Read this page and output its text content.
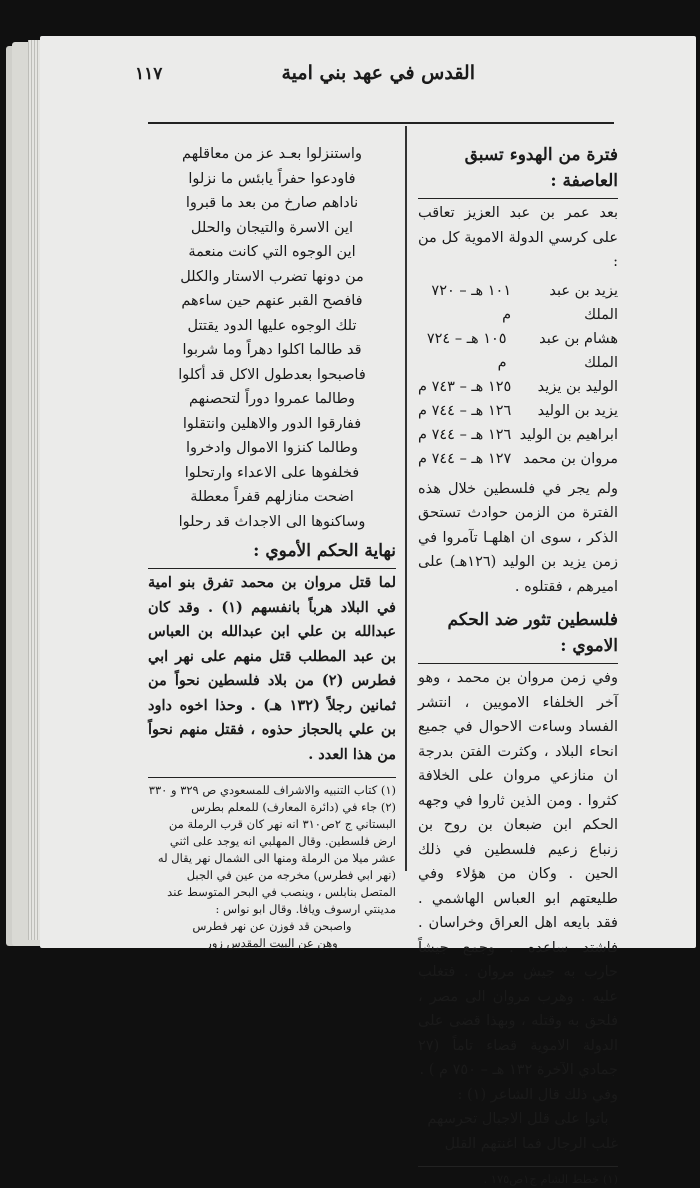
القدس في عهد بني امية
١١٧
فترة من الهدوء تسبق العاصفة :

بعد عمر بن عبد العزيز تعاقب على كرسي الدولة الاموية كل من :

يزيد بن عبد الملك
١٠١ هـ – ٧٢٠ م
هشام بن عبد الملك
١٠٥ هـ – ٧٢٤ م
الوليد بن يزيد
١٢٥ هـ – ٧٤٣ م
يزيد بن الوليد
١٢٦ هـ – ٧٤٤ م
ابراهيم بن الوليد
١٢٦ هـ – ٧٤٤ م
مروان بن محمد
١٢٧ هـ – ٧٤٤ م

ولم يجر في فلسطين خلال هذه الفترة من الزمن حوادث تستحق الذكر ، سوى ان اهلهـا تآمروا في زمن يزيد بن الوليد (١٢٦هـ) على اميرهم ، فقتلوه .

فلسطين تثور ضد الحكم الاموي :

وفي زمن مروان بن محمد ، وهو آخر الخلفاء الامويين ، انتشر الفساد وساءت الاحوال في جميع انحاء البلاد ، وكثرت الفتن بدرجة ان منازعي مروان على الخلافة كثروا . ومن الذين ثاروا في وجهه الحكم ابن ضبعان بن روح بن زنباع زعيم فلسطين في ذلك الحين . وكان من هؤلاء وفي طليعتهم ابو العباس الهاشمي . فقد بايعه اهل العراق وخراسان . فاشتد ساعده . وجمع جيشاً حارب به جيش مروان . فتغلب عليه . وهرب مروان الى مصر ، فلحق به وقتله ، وبهذا قضى على الدولة الاموية قضاء تاماً (٢٧ جمادي الآخرة ١٣٢ هـ – ٧٥٠ م ) .

وفي ذلك قال الشاعر (١) :

باتوا على قلل الاجبال تحرسهم

غلب الرجال فما اغنتهم القلل

(١) خطط الشام ج١ص١٧٥ .

واستنزلوا بعـد عز من معاقلهم

فاودعوا حفراً يابئس ما نزلوا

ناداهم صارخ من بعد ما قبروا

اين الاسرة والتيجان والحلل

اين الوجوه التي كانت منعمة

من دونها تضرب الاستار والكلل

فافصح القبر عنهم حين ساءهم

تلك الوجوه عليها الدود يقتتل

قد طالما اكلوا دهراً وما شربوا

فاصبحوا بعدطول الاكل قد أكلوا

وطالما عمروا دوراً لتحصنهم

ففارقوا الدور والاهلين وانتقلوا

وطالما كنزوا الاموال وادخروا

فخلفوها على الاعداء وارتحلوا

اضحت منازلهم قفراً معطلة

وساكنوها الى الاجداث قد رحلوا

نهاية الحكم الأموي :

لما قتل مروان بن محمد تفرق بنو امية في البلاد هرباً بانفسهم (١) . وقد كان عبدالله بن علي ابن عبدالله بن العباس بن عبد المطلب قتل منهم على نهر ابي فطرس (٢) من بلاد فلسطين نحواً من ثمانين رجلاً (١٣٢ هـ) . وحذا اخوه داود بن علي بالحجاز حذوه ، فقتل منهم نحواً من هذا العدد .

(١) كتاب التنبيه والاشراف للمسعودي ص ٣٢٩ و ٣٣٠

(٢) جاء في (دائرة المعارف) للمعلم بطرس البستاني ج ٢ص٣١٠ انه نهر كان قرب الرملة من ارض فلسطين. وقال المهلبي انه يوجد على اثني عشر ميلا من الرملة ومنها الى الشمال نهر يقال له (نهر ابي فطرس) مخرجه من عين في الجبل المتصل بنابلس ، وينصب في البحر المتوسط عند مدينتي ارسوف ويافا. وقال ابو نواس :

واصبحن قد فوزن عن نهر فطرس

وهن عن البيت المقدس زور
